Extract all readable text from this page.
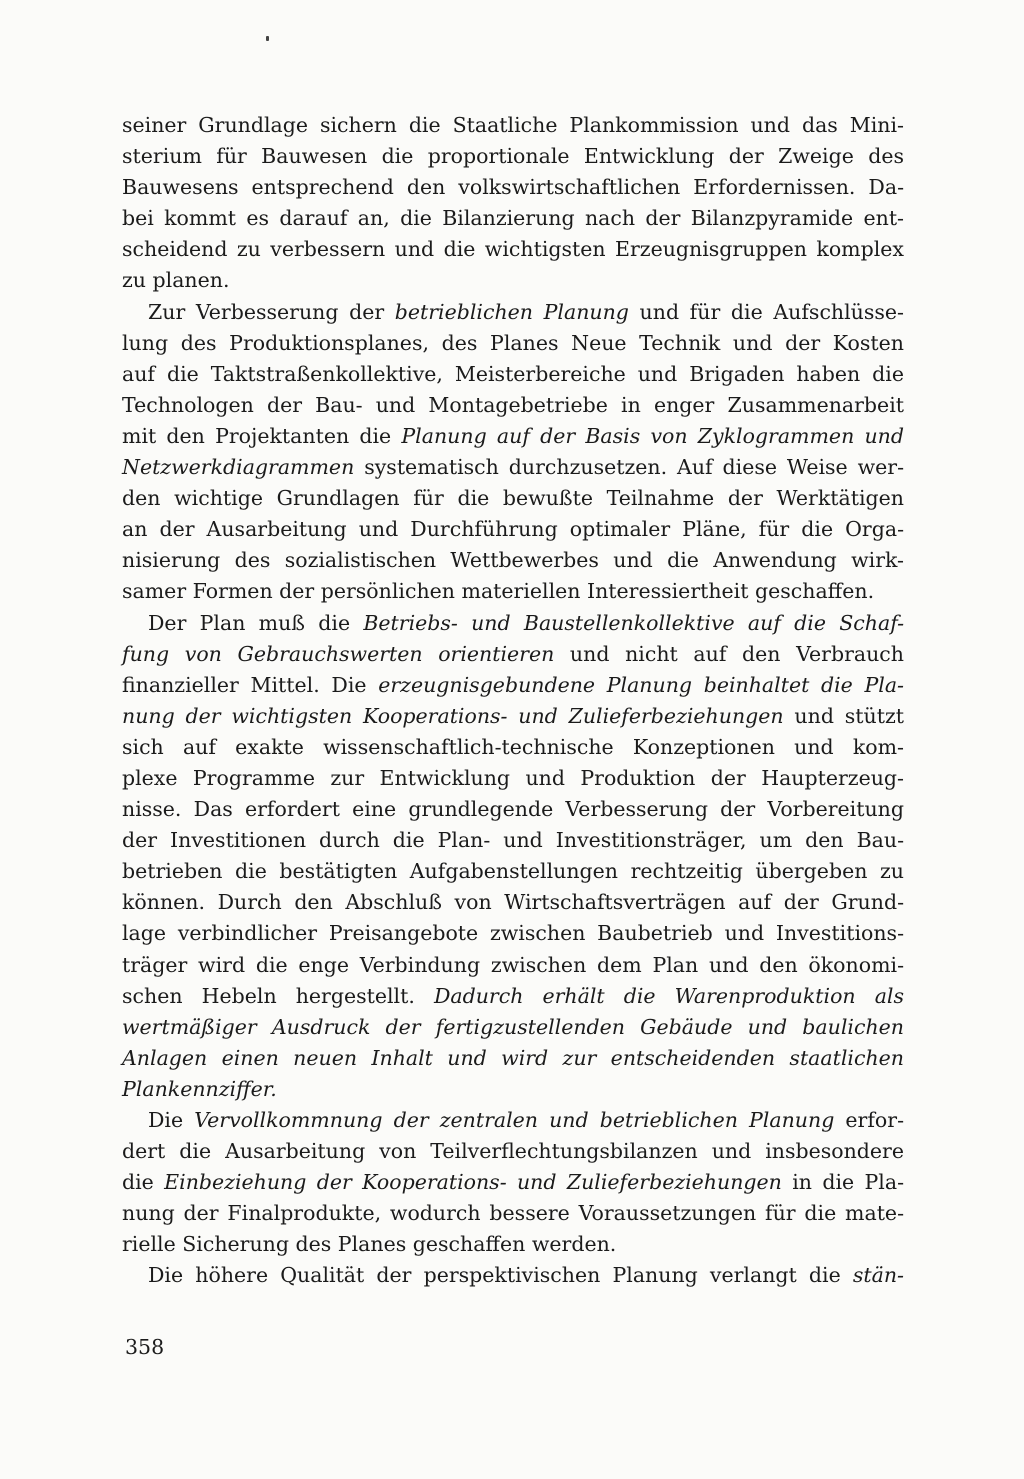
seiner Grundlage sichern die Staatliche Plankommission und das Mini-
sterium für Bauwesen die proportionale Entwicklung der Zweige des
Bauwesens entsprechend den volkswirtschaftlichen Erfordernissen. Da-
bei kommt es darauf an, die Bilanzierung nach der Bilanzpyramide ent-
scheidend zu verbessern und die wichtigsten Erzeugnisgruppen komplex
zu planen.
Zur Verbesserung der betrieblichen Planung und für die Aufschlüsse-
lung des Produktionsplanes, des Planes Neue Technik und der Kosten
auf die Taktstraßenkollektive, Meisterbereiche und Brigaden haben die
Technologen der Bau- und Montagebetriebe in enger Zusammenarbeit
mit den Projektanten die Planung auf der Basis von Zyklogrammen und
Netzwerkdiagrammen systematisch durchzusetzen. Auf diese Weise wer-
den wichtige Grundlagen für die bewußte Teilnahme der Werktätigen
an der Ausarbeitung und Durchführung optimaler Pläne, für die Orga-
nisierung des sozialistischen Wettbewerbes und die Anwendung wirk-
samer Formen der persönlichen materiellen Interessiertheit geschaffen.
Der Plan muß die Betriebs- und Baustellenkollektive auf die Schaf-
fung von Gebrauchswerten orientieren und nicht auf den Verbrauch
finanzieller Mittel. Die erzeugnisgebundene Planung beinhaltet die Pla-
nung der wichtigsten Kooperations- und Zulieferbeziehungen und stützt
sich auf exakte wissenschaftlich-technische Konzeptionen und kom-
plexe Programme zur Entwicklung und Produktion der Haupterzeug-
nisse. Das erfordert eine grundlegende Verbesserung der Vorbereitung
der Investitionen durch die Plan- und Investitionsträger, um den Bau-
betrieben die bestätigten Aufgabenstellungen rechtzeitig übergeben zu
können. Durch den Abschluß von Wirtschaftsverträgen auf der Grund-
lage verbindlicher Preisangebote zwischen Baubetrieb und Investitions-
träger wird die enge Verbindung zwischen dem Plan und den ökonomi-
schen Hebeln hergestellt. Dadurch erhält die Warenproduktion als
wertmäßiger Ausdruck der fertigzustellenden Gebäude und baulichen
Anlagen einen neuen Inhalt und wird zur entscheidenden staatlichen
Plankennziffer.
Die Vervollkommnung der zentralen und betrieblichen Planung erfor-
dert die Ausarbeitung von Teilverflechtungsbilanzen und insbesondere
die Einbeziehung der Kooperations- und Zulieferbeziehungen in die Pla-
nung der Finalprodukte, wodurch bessere Voraussetzungen für die mate-
rielle Sicherung des Planes geschaffen werden.
Die höhere Qualität der perspektivischen Planung verlangt die stän-
358
